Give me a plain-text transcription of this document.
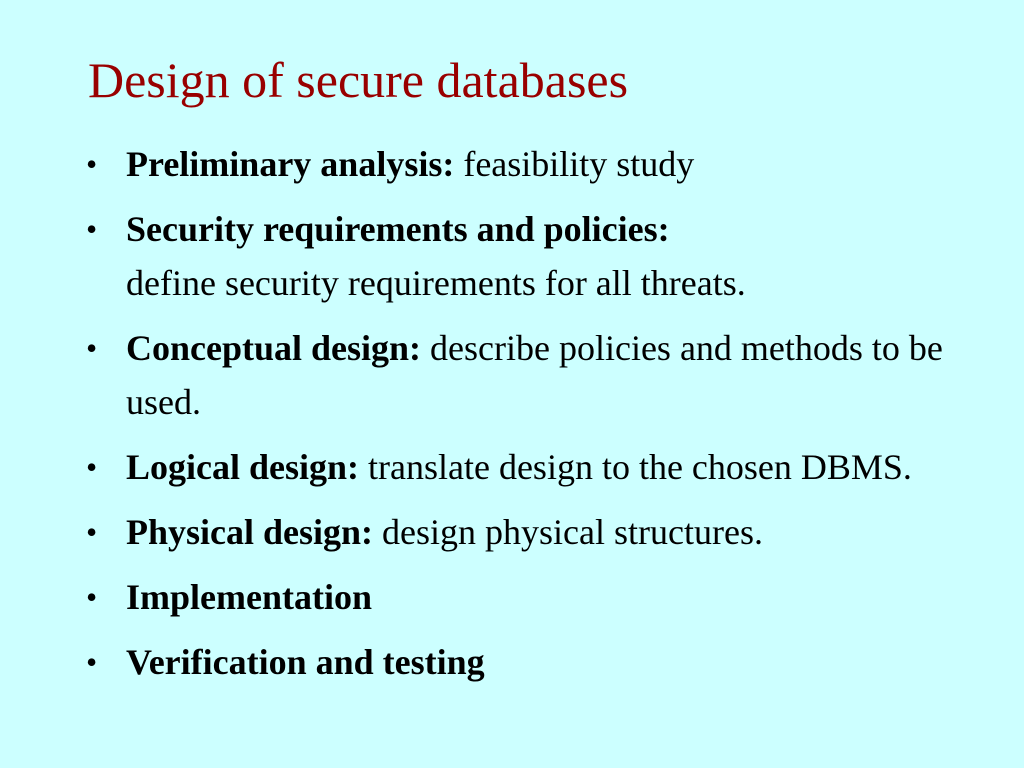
Design of secure databases
• Preliminary analysis: feasibility study
• Security requirements and policies:
define security requirements for all threats.
• Conceptual design: describe policies and methods to be used.
• Logical design: translate design to the chosen DBMS.
• Physical design: design physical structures.
• Implementation
• Verification and testing
